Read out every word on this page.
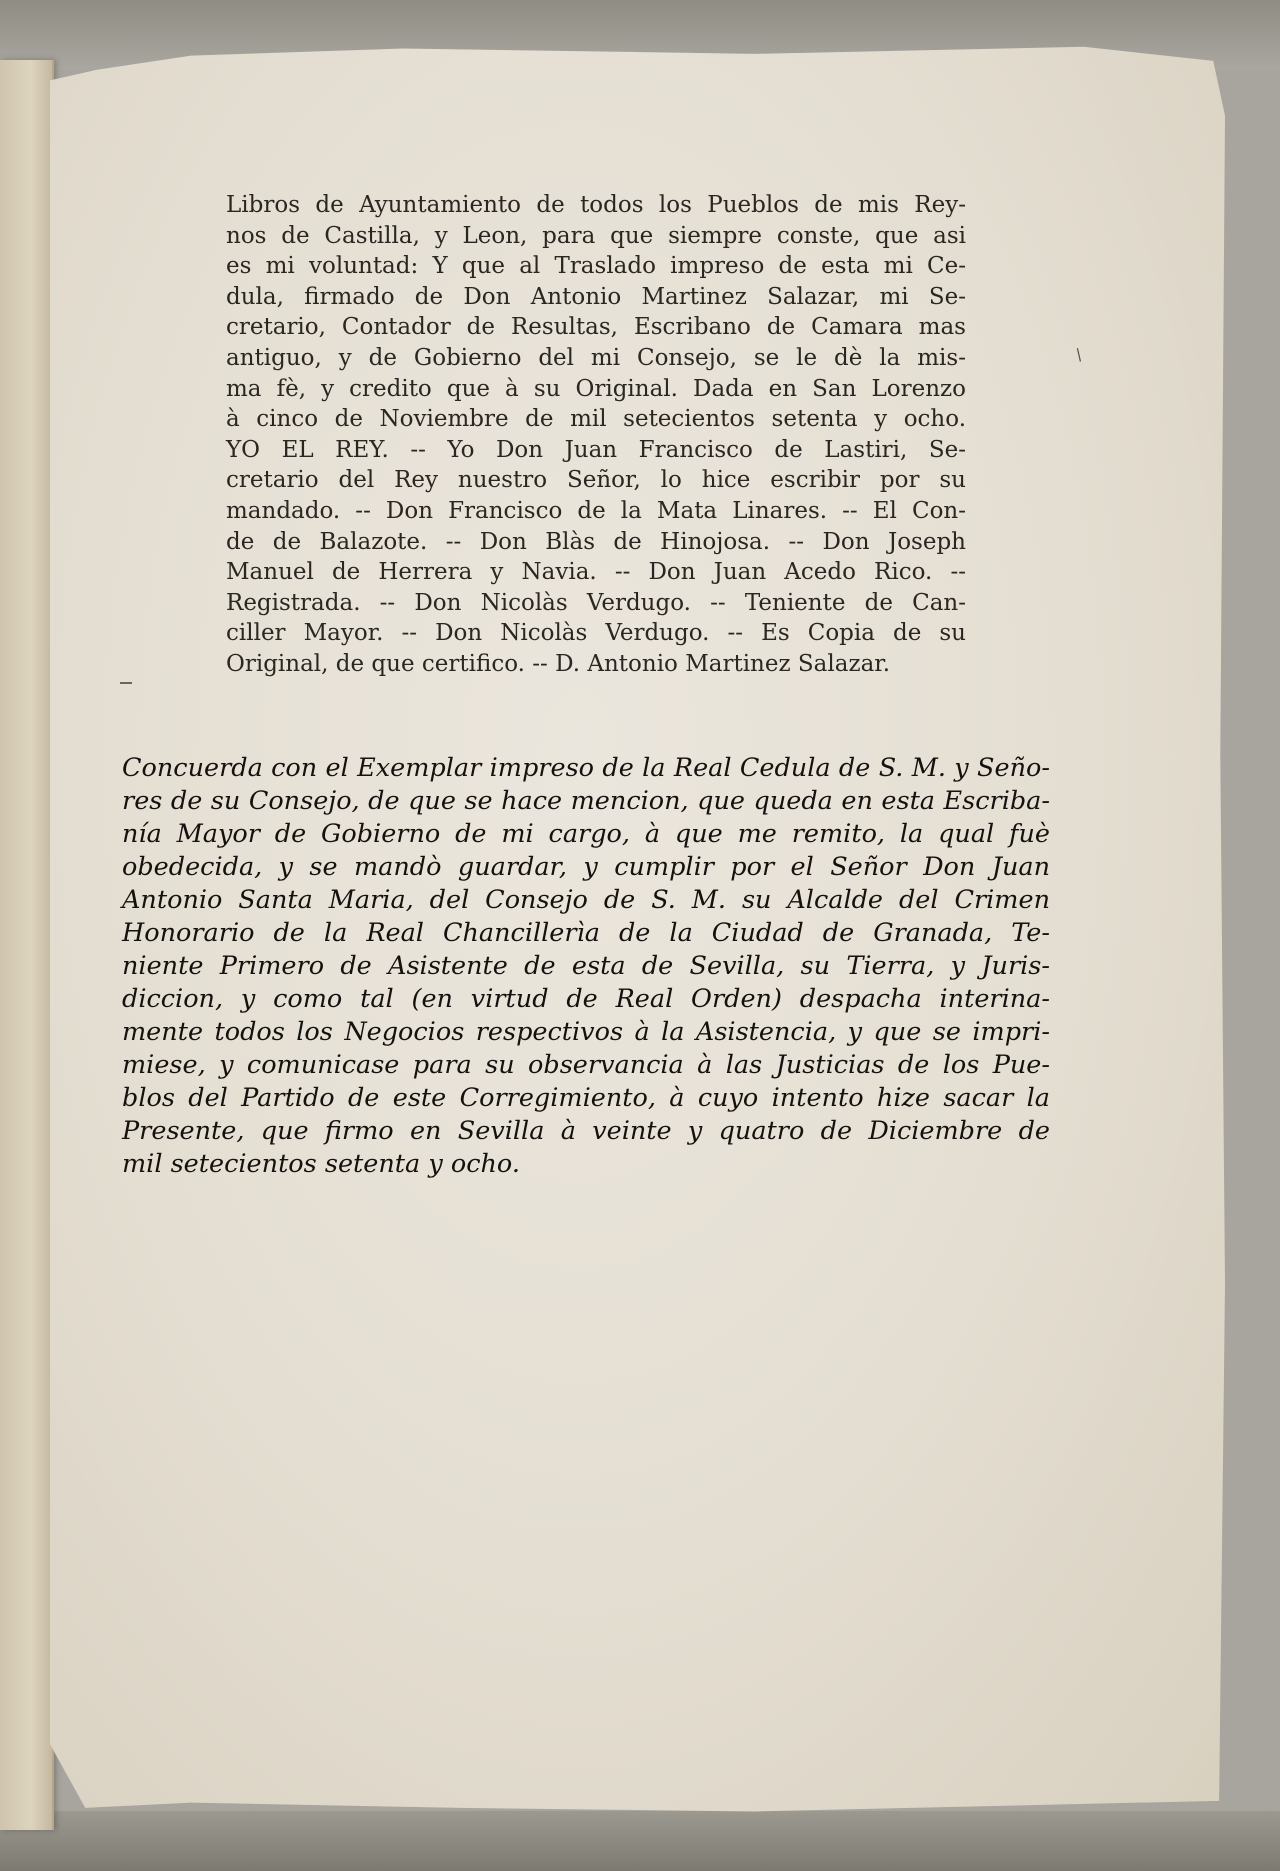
Libros de Ayuntamiento de todos los Pueblos de mis Rey-
nos de Castilla, y Leon, para que siempre conste, que asi
es mi voluntad: Y que al Traslado impreso de esta mi Ce-
dula, firmado de Don Antonio Martinez Salazar, mi Se-
cretario, Contador de Resultas, Escribano de Camara mas
antiguo, y de Gobierno del mi Consejo, se le dè la mis-
ma fè, y credito que à su Original. Dada en San Lorenzo
à cinco de Noviembre de mil setecientos setenta y ocho.
YO EL REY. -- Yo Don Juan Francisco de Lastiri, Se-
cretario del Rey nuestro Señor, lo hice escribir por su
mandado. -- Don Francisco de la Mata Linares. -- El Con-
de de Balazote. -- Don Blàs de Hinojosa. -- Don Joseph
Manuel de Herrera y Navia. -- Don Juan Acedo Rico. --
Registrada. -- Don Nicolàs Verdugo. -- Teniente de Can-
ciller Mayor. -- Don Nicolàs Verdugo. -- Es Copia de su
Original, de que certifico. -- D. Antonio Martinez Salazar.
Concuerda con el Exemplar impreso de la Real Cedula de S. M. y Seño-
res de su Consejo, de que se hace mencion, que queda en esta Escriba-
nía Mayor de Gobierno de mi cargo, à que me remito, la qual fuè
obedecida, y se mandò guardar, y cumplir por el Señor Don Juan
Antonio Santa Maria, del Consejo de S. M. su Alcalde del Crimen
Honorario de la Real Chancillerìa de la Ciudad de Granada, Te-
niente Primero de Asistente de esta de Sevilla, su Tierra, y Juris-
diccion, y como tal (en virtud de Real Orden) despacha interina-
mente todos los Negocios respectivos à la Asistencia, y que se impri-
miese, y comunicase para su observancia à las Justicias de los Pue-
blos del Partido de este Corregimiento, à cuyo intento hize sacar la
Presente, que firmo en Sevilla à veinte y quatro de Diciembre de
mil setecientos setenta y ocho.
/
